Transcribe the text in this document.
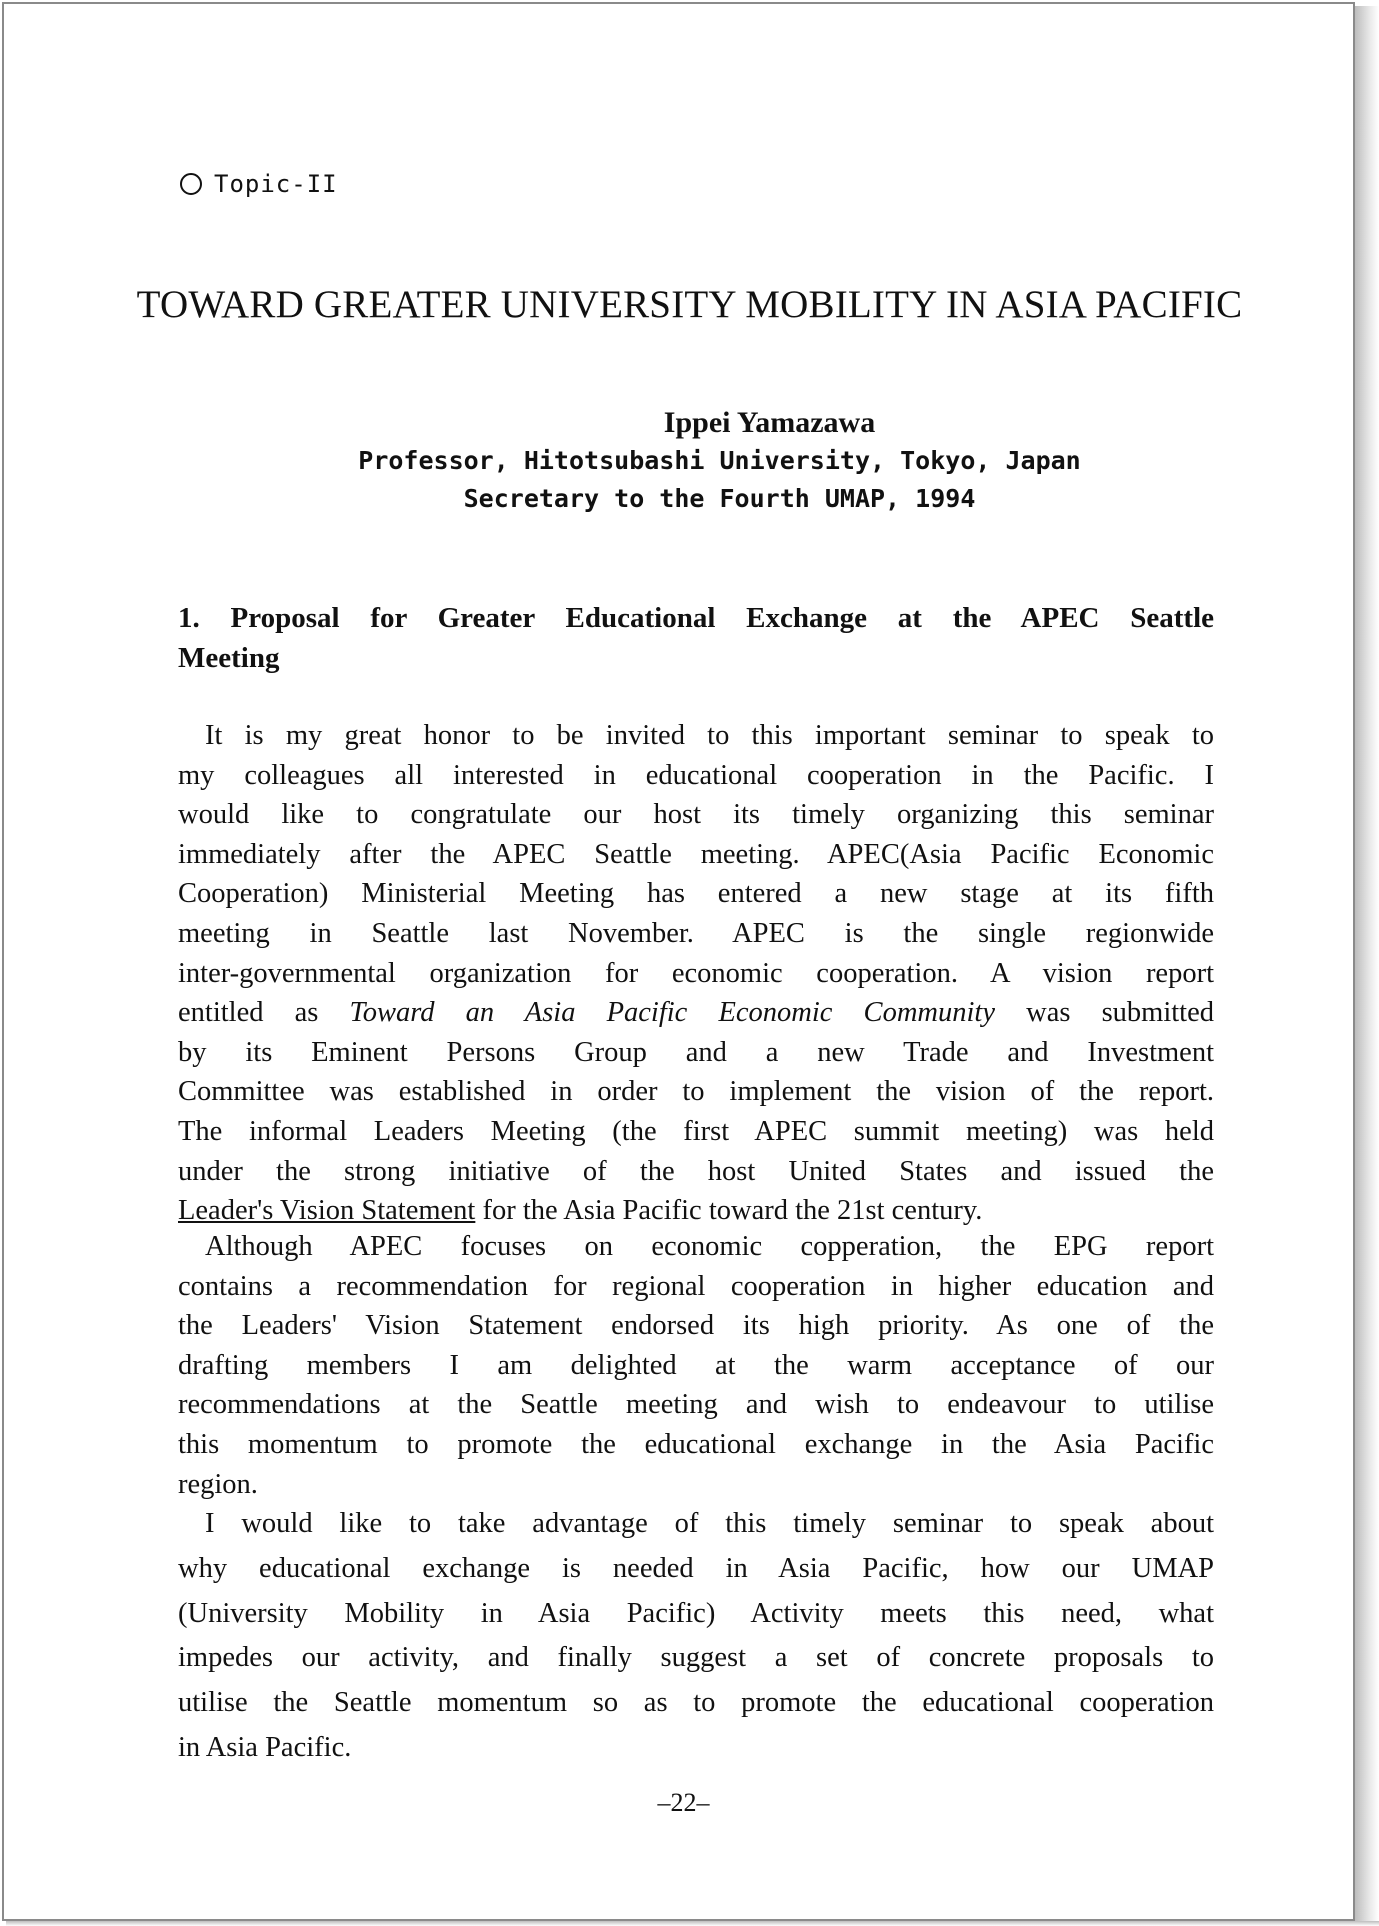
Topic-II
TOWARD GREATER UNIVERSITY MOBILITY IN ASIA PACIFIC
Ippei Yamazawa
Professor, Hitotsubashi University, Tokyo, Japan
Secretary to the Fourth UMAP, 1994
1. Proposal for Greater Educational Exchange at the APEC Seattle
Meeting
It is my great honor to be invited to this important seminar to speak to
my colleagues all interested in educational cooperation in the Pacific. I
would like to congratulate our host its timely organizing this seminar
immediately after the APEC Seattle meeting. APEC(Asia Pacific Economic
Cooperation) Ministerial Meeting has entered a new stage at its fifth
meeting in Seattle last November. APEC is the single regionwide
inter-governmental organization for economic cooperation. A vision report
entitled as Toward an Asia Pacific Economic Community was submitted
by its Eminent Persons Group and a new Trade and Investment
Committee was established in order to implement the vision of the report.
The informal Leaders Meeting (the first APEC summit meeting) was held
under the strong initiative of the host United States and issued the
Leader's Vision Statement for the Asia Pacific toward the 21st century.
Although APEC focuses on economic copperation, the EPG report
contains a recommendation for regional cooperation in higher education and
the Leaders' Vision Statement endorsed its high priority. As one of the
drafting members I am delighted at the warm acceptance of our
recommendations at the Seattle meeting and wish to endeavour to utilise
this momentum to promote the educational exchange in the Asia Pacific
region.
I would like to take advantage of this timely seminar to speak about
why educational exchange is needed in Asia Pacific, how our UMAP
(University Mobility in Asia Pacific) Activity meets this need, what
impedes our activity, and finally suggest a set of concrete proposals to
utilise the Seattle momentum so as to promote the educational cooperation
in Asia Pacific.
–22–
